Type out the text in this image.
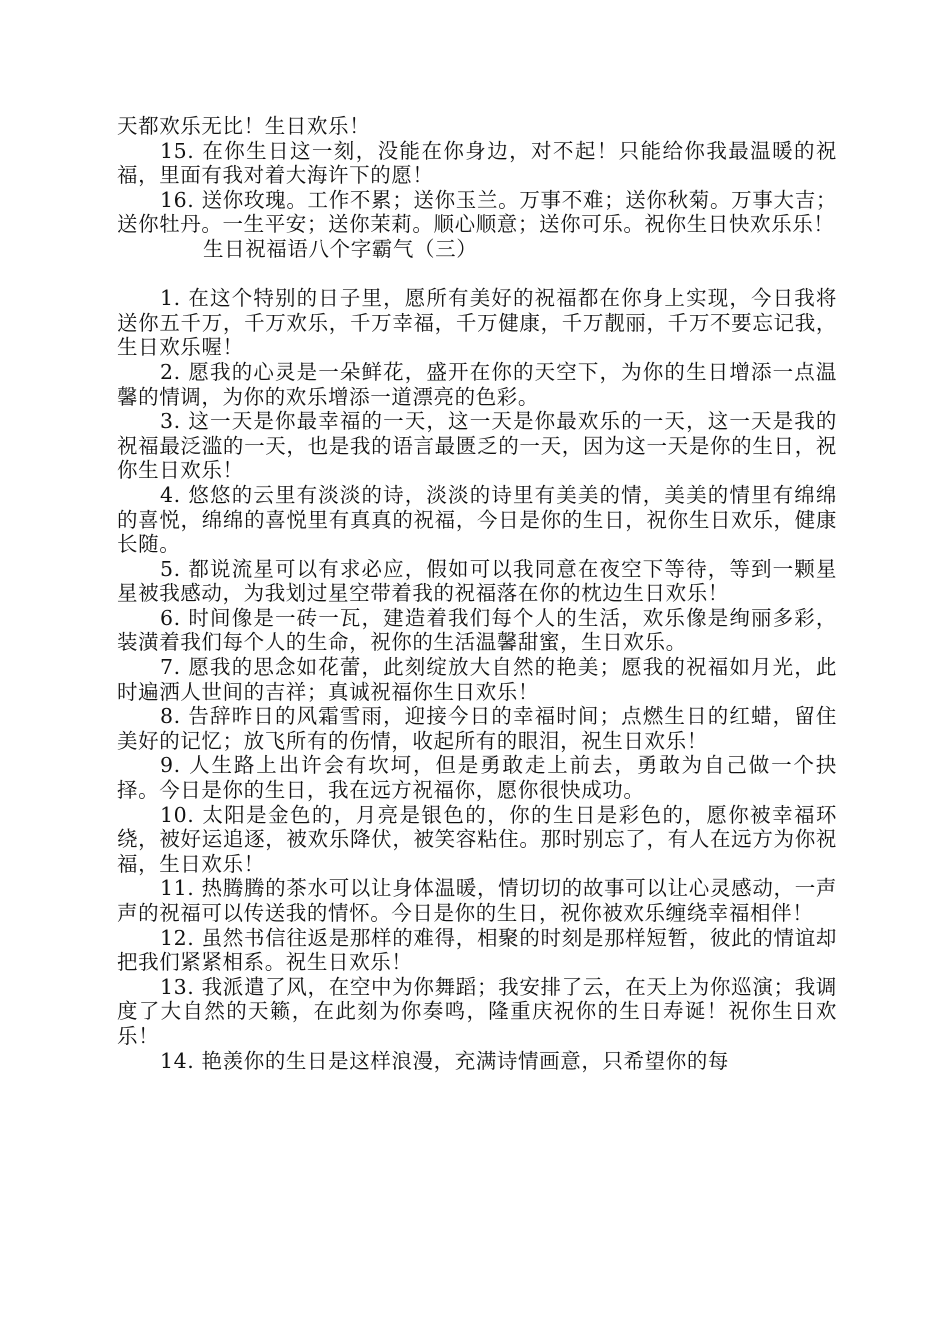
天都欢乐无比！生日欢乐！

15. 在你生日这一刻，没能在你身边，对不起！只能给你我最温暖的祝福，里面有我对着大海许下的愿！

16. 送你玫瑰。工作不累；送你玉兰。万事不难；送你秋菊。万事大吉；送你牡丹。一生平安；送你茉莉。顺心顺意；送你可乐。祝你生日快欢乐乐！

生日祝福语八个字霸气（三）

1. 在这个特别的日子里，愿所有美好的祝福都在你身上实现，今日我将送你五千万，千万欢乐，千万幸福，千万健康，千万靓丽，千万不要忘记我，生日欢乐喔！

2. 愿我的心灵是一朵鲜花，盛开在你的天空下，为你的生日增添一点温馨的情调，为你的欢乐增添一道漂亮的色彩。

3. 这一天是你最幸福的一天，这一天是你最欢乐的一天，这一天是我的祝福最泛滥的一天，也是我的语言最匮乏的一天，因为这一天是你的生日，祝你生日欢乐！

4. 悠悠的云里有淡淡的诗，淡淡的诗里有美美的情，美美的情里有绵绵的喜悦，绵绵的喜悦里有真真的祝福，今日是你的生日，祝你生日欢乐，健康长随。

5. 都说流星可以有求必应，假如可以我同意在夜空下等待，等到一颗星星被我感动，为我划过星空带着我的祝福落在你的枕边生日欢乐！

6. 时间像是一砖一瓦，建造着我们每个人的生活，欢乐像是绚丽多彩，装潢着我们每个人的生命，祝你的生活温馨甜蜜，生日欢乐。

7. 愿我的思念如花蕾，此刻绽放大自然的艳美；愿我的祝福如月光，此时遍洒人世间的吉祥；真诚祝福你生日欢乐！

8. 告辞昨日的风霜雪雨，迎接今日的幸福时间；点燃生日的红蜡，留住美好的记忆；放飞所有的伤情，收起所有的眼泪，祝生日欢乐！

9. 人生路上出许会有坎坷，但是勇敢走上前去，勇敢为自己做一个抉择。今日是你的生日，我在远方祝福你，愿你很快成功。

10. 太阳是金色的，月亮是银色的，你的生日是彩色的，愿你被幸福环绕，被好运追逐，被欢乐降伏，被笑容粘住。那时别忘了，有人在远方为你祝福，生日欢乐！

11. 热腾腾的茶水可以让身体温暖，情切切的故事可以让心灵感动，一声声的祝福可以传送我的情怀。今日是你的生日，祝你被欢乐缠绕幸福相伴！

12. 虽然书信往返是那样的难得，相聚的时刻是那样短暂，彼此的情谊却把我们紧紧相系。祝生日欢乐！

13. 我派遣了风，在空中为你舞蹈；我安排了云，在天上为你巡演；我调度了大自然的天籁，在此刻为你奏鸣，隆重庆祝你的生日寿诞！祝你生日欢乐！

14. 艳羡你的生日是这样浪漫，充满诗情画意，只希望你的每
